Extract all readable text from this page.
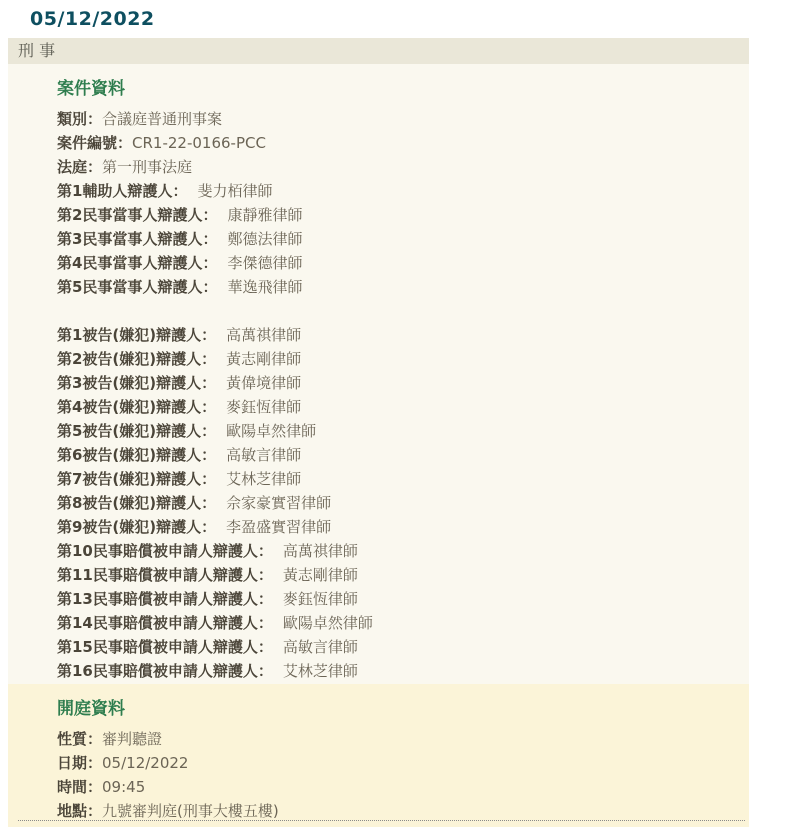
05/12/2022
刑 事
案件資料
類別：合議庭普通刑事案
案件編號：CR1-22-0166-PCC
法庭：第一刑事法庭
第1輔助人辯護人： 斐力栢律師
第2民事當事人辯護人： 康靜雅律師
第3民事當事人辯護人： 鄭德法律師
第4民事當事人辯護人： 李傑德律師
第5民事當事人辯護人： 華逸飛律師
第1被告(嫌犯)辯護人： 高萬祺律師
第2被告(嫌犯)辯護人： 黃志剛律師
第3被告(嫌犯)辯護人： 黃偉境律師
第4被告(嫌犯)辯護人： 麥鈺恆律師
第5被告(嫌犯)辯護人： 歐陽卓然律師
第6被告(嫌犯)辯護人： 高敏言律師
第7被告(嫌犯)辯護人： 艾林芝律師
第8被告(嫌犯)辯護人： 佘家豪實習律師
第9被告(嫌犯)辯護人： 李盈盛實習律師
第10民事賠償被申請人辯護人： 高萬祺律師
第11民事賠償被申請人辯護人： 黃志剛律師
第13民事賠償被申請人辯護人： 麥鈺恆律師
第14民事賠償被申請人辯護人： 歐陽卓然律師
第15民事賠償被申請人辯護人： 高敏言律師
第16民事賠償被申請人辯護人： 艾林芝律師
開庭資料
性質：審判聽證
日期：05/12/2022
時間：09:45
地點：九號審判庭(刑事大樓五樓)
